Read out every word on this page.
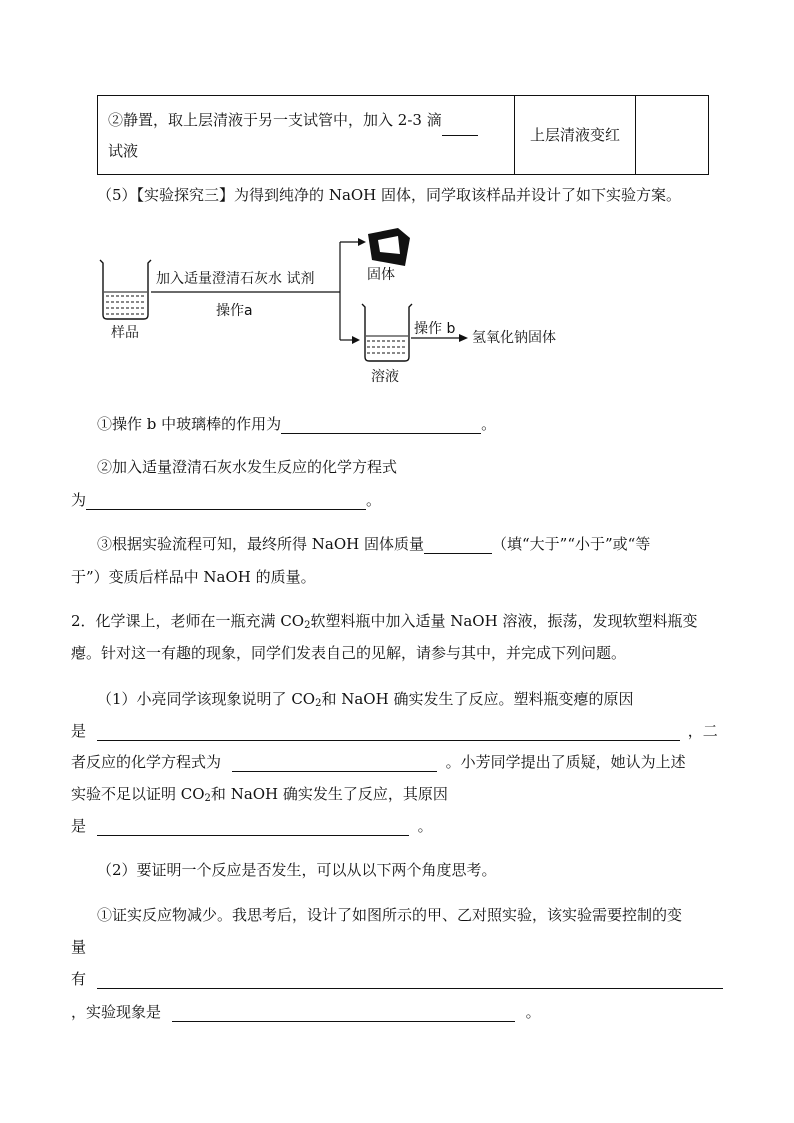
②静置，取上层清液于另一支试管中，加入 2-3 滴
试液
	上层清液变红	
（5）【实验探究三】为得到纯净的 NaOH 固体，同学取该样品并设计了如下实验方案。
加入适量澄清石灰水 试剂
操作a
样品
固体
操作 b
氢氧化钠固体
溶液
①操作 b 中玻璃棒的作用为	。
②加入适量澄清石灰水发生反应的化学方程式
为	。
③根据实验流程可知，最终所得 NaOH 固体质量	（填“大于”“小于”或“等
于”）变质后样品中 NaOH 的质量。
2．化学课上，老师在一瓶充满 $CO_2$软塑料瓶中加入适量 NaOH 溶液，振荡，发现软塑料瓶变
瘪。针对这一有趣的现象，同学们发表自己的见解，请参与其中，并完成下列问题。
（1）小亮同学该现象说明了 $CO_2$和 NaOH 确实发生了反应。塑料瓶变瘪的原因
是	，二
者反应的化学方程式为	。小芳同学提出了质疑，她认为上述
实验不足以证明 $CO_2$和 NaOH 确实发生了反应，其原因
是	。
（2）要证明一个反应是否发生，可以从以下两个角度思考。
①证实反应物减少。我思考后，设计了如图所示的甲、乙对照实验，该实验需要控制的变
量
有
，实验现象是	。
